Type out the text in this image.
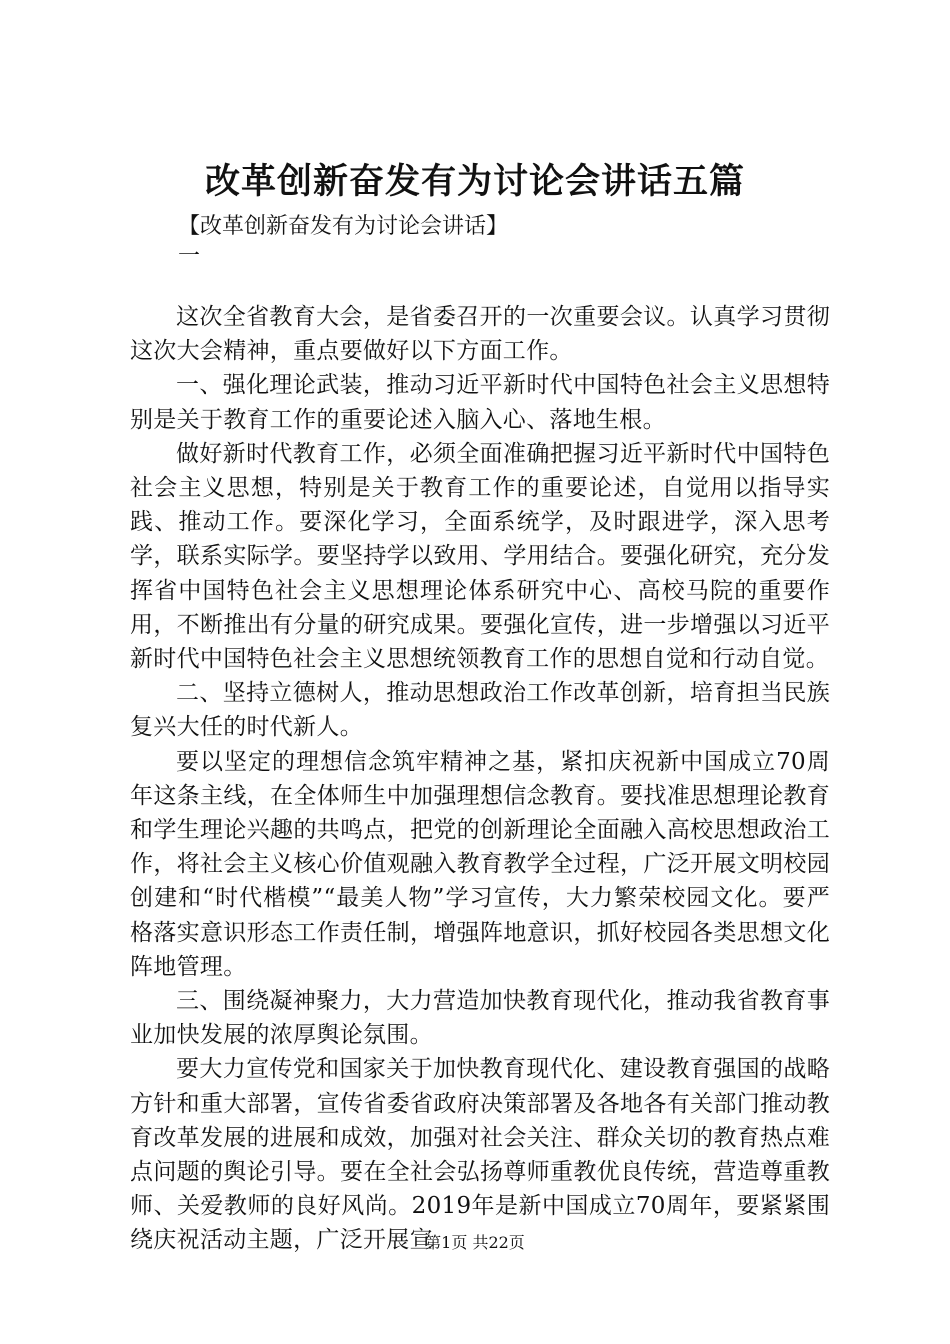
改革创新奋发有为讨论会讲话五篇
【改革创新奋发有为讨论会讲话】
一

这次全省教育大会，是省委召开的一次重要会议。认真学习贯彻这次大会精神，重点要做好以下方面工作。

一、强化理论武装，推动习近平新时代中国特色社会主义思想特别是关于教育工作的重要论述入脑入心、落地生根。

做好新时代教育工作，必须全面准确把握习近平新时代中国特色社会主义思想，特别是关于教育工作的重要论述，自觉用以指导实践、推动工作。要深化学习，全面系统学，及时跟进学，深入思考学，联系实际学。要坚持学以致用、学用结合。要强化研究，充分发挥省中国特色社会主义思想理论体系研究中心、高校马院的重要作用，不断推出有分量的研究成果。要强化宣传，进一步增强以习近平新时代中国特色社会主义思想统领教育工作的思想自觉和行动自觉。

二、坚持立德树人，推动思想政治工作改革创新，培育担当民族复兴大任的时代新人。

要以坚定的理想信念筑牢精神之基，紧扣庆祝新中国成立70周年这条主线，在全体师生中加强理想信念教育。要找准思想理论教育和学生理论兴趣的共鸣点，把党的创新理论全面融入高校思想政治工作，将社会主义核心价值观融入教育教学全过程，广泛开展文明校园创建和“时代楷模”“最美人物”学习宣传，大力繁荣校园文化。要严格落实意识形态工作责任制，增强阵地意识，抓好校园各类思想文化阵地管理。

三、围绕凝神聚力，大力营造加快教育现代化，推动我省教育事业加快发展的浓厚舆论氛围。

要大力宣传党和国家关于加快教育现代化、建设教育强国的战略方针和重大部署，宣传省委省政府决策部署及各地各有关部门推动教育改革发展的进展和成效，加强对社会关注、群众关切的教育热点难点问题的舆论引导。要在全社会弘扬尊师重教优良传统，营造尊重教师、关爱教师的良好风尚。2019年是新中国成立70周年，要紧紧围绕庆祝活动主题，广泛开展宣

第1页 共22页
